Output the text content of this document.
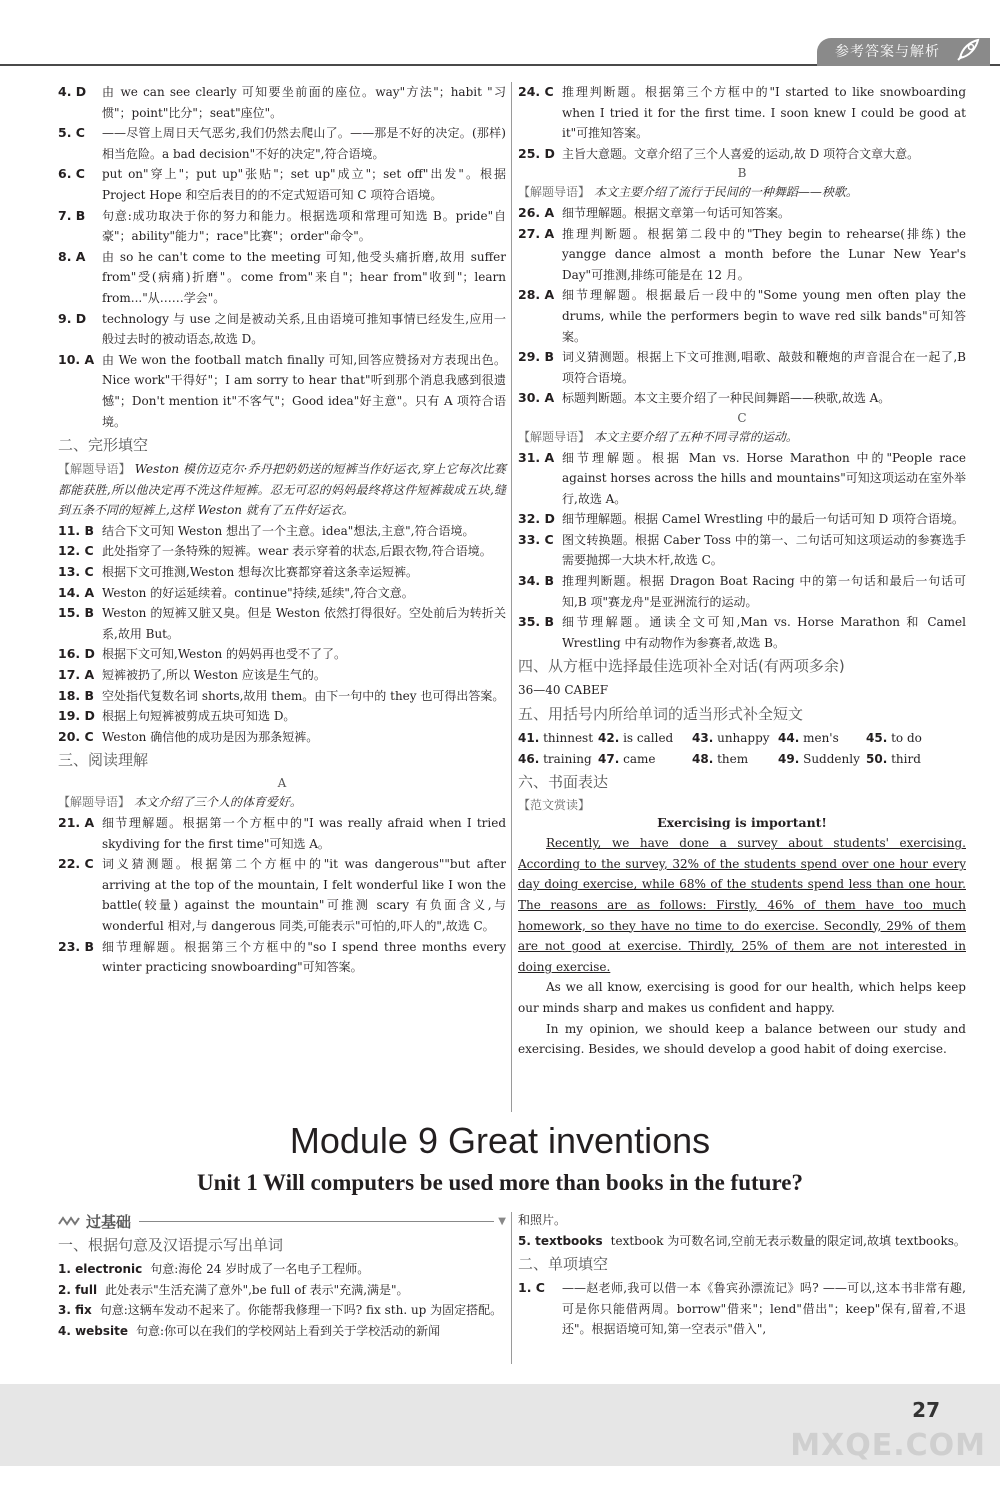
参考答案与解析
4. D	由 we can see clearly 可知要坐前面的座位。way"方法"；habit "习惯"；point"比分"；seat"座位"。
5. C	——尽管上周日天气恶劣,我们仍然去爬山了。——那是不好的决定。(那样)相当危险。a bad decision"不好的决定",符合语境。
6. C	put on"穿上"；put up"张贴"；set up"成立"；set off"出发"。根据 Project Hope 和空后表目的的不定式短语可知 C 项符合语境。
7. B	句意:成功取决于你的努力和能力。根据选项和常理可知选 B。pride"自豪"；ability"能力"；race"比赛"；order"命令"。
8. A	由 so he can't come to the meeting 可知,他受头痛折磨,故用 suffer from"受(病痛)折磨"。come from"来自"；hear from"收到"；learn from..."从……学会"。
9. D	technology 与 use 之间是被动关系,且由语境可推知事情已经发生,应用一般过去时的被动语态,故选 D。
10. A 由 We won the football match finally 可知,回答应赞扬对方表现出色。Nice work"干得好"；I am sorry to hear that"听到那个消息我感到很遗憾"；Don't mention it"不客气"；Good idea"好主意"。只有 A 项符合语境。
二、完形填空
【解题导语】 Weston 模仿迈克尔·乔丹把奶奶送的短裤当作好运衣,穿上它每次比赛都能获胜,所以他决定再不洗这件短裤。忍无可忍的妈妈最终将这件短裤裁成五块,缝到五条不同的短裤上,这样 Weston 就有了五件好运衣。
11. B 结合下文可知 Weston 想出了一个主意。idea"想法,主意",符合语境。
12. C 此处指穿了一条特殊的短裤。wear 表示穿着的状态,后跟衣物,符合语境。
13. C 根据下文可推测,Weston 想每次比赛都穿着这条幸运短裤。
14. A Weston 的好运延续着。continue"持续,延续",符合文意。
15. B Weston 的短裤又脏又臭。但是 Weston 依然打得很好。空处前后为转折关系,故用 But。
16. D 根据下文可知,Weston 的妈妈再也受不了了。
17. A 短裤被扔了,所以 Weston 应该是生气的。
18. B 空处指代复数名词 shorts,故用 them。由下一句中的 they 也可得出答案。
19. D 根据上句短裤被剪成五块可知选 D。
20. C Weston 确信他的成功是因为那条短裤。
三、阅读理解
A
【解题导语】 本文介绍了三个人的体育爱好。
21. A 细节理解题。根据第一个方框中的"I was really afraid when I tried skydiving for the first time"可知选 A。
22. C 词义猜测题。根据第二个方框中的"it was dangerous""but after arriving at the top of the mountain, I felt wonderful like I won the battle(较量) against the mountain"可推测 scary 有负面含义,与 wonderful 相对,与 dangerous 同类,可能表示"可怕的,吓人的",故选 C。
23. B 细节理解题。根据第三个方框中的"so I spend three months every winter practicing snowboarding"可知答案。
24. C 推理判断题。根据第三个方框中的"I started to like snowboarding when I tried it for the first time. I soon knew I could be good at it"可推知答案。
25. D 主旨大意题。文章介绍了三个人喜爱的运动,故 D 项符合文章大意。
B
【解题导语】 本文主要介绍了流行于民间的一种舞蹈——秧歌。
26. A 细节理解题。根据文章第一句话可知答案。
27. A 推理判断题。根据第二段中的"They begin to rehearse(排练) the yangge dance almost a month before the Lunar New Year's Day"可推测,排练可能是在 12 月。
28. A 细节理解题。根据最后一段中的"Some young men often play the drums, while the performers begin to wave red silk bands"可知答案。
29. B 词义猜测题。根据上下文可推测,唱歌、敲鼓和鞭炮的声音混合在一起了,B 项符合语境。
30. A 标题判断题。本文主要介绍了一种民间舞蹈——秧歌,故选 A。
C
【解题导语】 本文主要介绍了五种不同寻常的运动。
31. A 细节理解题。根据 Man vs. Horse Marathon 中的"People race against horses across the hills and mountains"可知这项运动在室外举行,故选 A。
32. D 细节理解题。根据 Camel Wrestling 中的最后一句话可知 D 项符合语境。
33. C 图文转换题。根据 Caber Toss 中的第一、二句话可知这项运动的参赛选手需要抛掷一大块木杆,故选 C。
34. B 推理判断题。根据 Dragon Boat Racing 中的第一句话和最后一句话可知,B 项"赛龙舟"是亚洲流行的运动。
35. B 细节理解题。通读全文可知,Man vs. Horse Marathon 和 Camel Wrestling 中有动物作为参赛者,故选 B。
四、从方框中选择最佳选项补全对话(有两项多余)
36—40 CABEF
五、用括号内所给单词的适当形式补全短文
41. thinnest 42. is called	43. unhappy 44. men's	45. to do
46. training 47. came	48. them	49. Suddenly 50. third
六、书面表达
【范文赏读】
Exercising is important!
Recently, we have done a survey about students' exercising. According to the survey, 32% of the students spend over one hour every day doing exercise, while 68% of the students spend less than one hour. The reasons are as follows: Firstly, 46% of them have too much homework, so they have no time to do exercise. Secondly, 29% of them are not good at exercise. Thirdly, 25% of them are not interested in doing exercise.
As we all know, exercising is good for our health, which helps keep our minds sharp and makes us confident and happy.
In my opinion, we should keep a balance between our study and exercising. Besides, we should develop a good habit of doing exercise.
Module 9 Great inventions
Unit 1 Will computers be used more than books in the future?
过基础	▼
一、根据句意及汉语提示写出单词
1. electronic 句意:海伦 24 岁时成了一名电子工程师。
2. full 此处表示"生活充满了意外",be full of 表示"充满,满是"。
3. fix 句意:这辆车发动不起来了。你能帮我修理一下吗? fix sth. up 为固定搭配。
4. website 句意:你可以在我们的学校网站上看到关于学校活动的新闻
和照片。
5. textbooks textbook 为可数名词,空前无表示数量的限定词,故填 textbooks。
二、单项填空
1. C	——赵老师,我可以借一本《鲁宾孙漂流记》吗? ——可以,这本书非常有趣,可是你只能借两周。borrow"借来"；lend"借出"；keep"保有,留着,不退还"。根据语境可知,第一空表示"借入",
27
MXQE.COM
